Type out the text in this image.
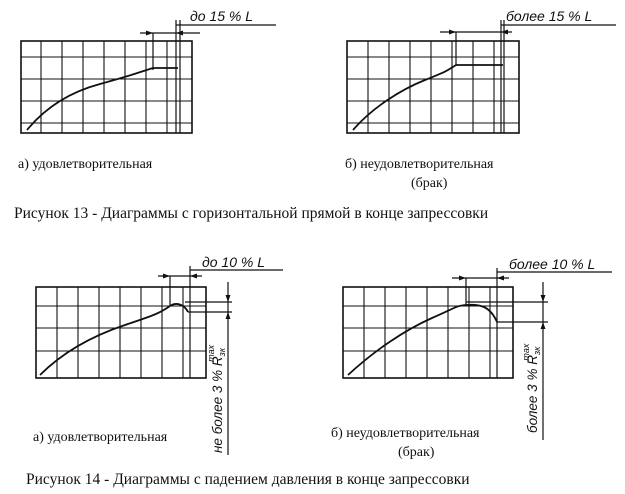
до 15 % L
а) удовлетворительная
более 15 % L
б) неудовлетворительная
(брак)
Рисунок 13 - Диаграммы с горизонтальной прямой в конце запрессовки
до 10 % L
не более 3 % $R_{зк}\max$
а) удовлетворительная
более 10 % L
более 3 % $R_{зк}\max$
б) неудовлетворительная
(брак)
Рисунок 14 - Диаграммы с падением давления в конце запрессовки
